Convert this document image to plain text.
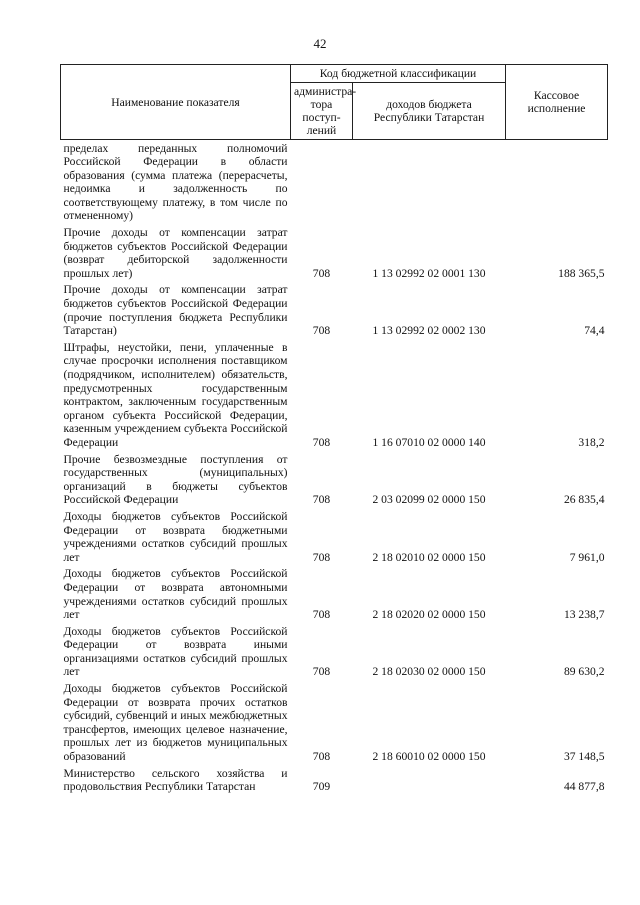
42
Наименование показателя	Код бюджетной классификации		Кассовое исполнение
	администра-тора поступ-лений	доходов бюджета Республики Татарстан	
пределах переданных полномочий Российской Федерации в области образования (сумма платежа (перерасчеты, недоимка и задолженность по соответствующему платежу, в том числе по отмененному)			
Прочие доходы от компенсации затрат бюджетов субъектов Российской Федерации (возврат дебиторской задолженности прошлых лет)	708	1 13 02992 02 0001 130	188 365,5
Прочие доходы от компенсации затрат бюджетов субъектов Российской Федерации (прочие поступления бюджета Республики Татарстан)	708	1 13 02992 02 0002 130	74,4
Штрафы, неустойки, пени, уплаченные в случае просрочки исполнения поставщиком (подрядчиком, исполнителем) обязательств, предусмотренных государственным контрактом, заключенным государственным органом субъекта Российской Федерации, казенным учреждением субъекта Российской Федерации	708	1 16 07010 02 0000 140	318,2
Прочие безвозмездные поступления от государственных (муниципальных) организаций в бюджеты субъектов Российской Федерации	708	2 03 02099 02 0000 150	26 835,4
Доходы бюджетов субъектов Российской Федерации от возврата бюджетными учреждениями остатков субсидий прошлых лет	708	2 18 02010 02 0000 150	7 961,0
Доходы бюджетов субъектов Российской Федерации от возврата автономными учреждениями остатков субсидий прошлых лет	708	2 18 02020 02 0000 150	13 238,7
Доходы бюджетов субъектов Российской Федерации от возврата иными организациями остатков субсидий прошлых лет	708	2 18 02030 02 0000 150	89 630,2
Доходы бюджетов субъектов Российской Федерации от возврата прочих остатков субсидий, субвенций и иных межбюджетных трансфертов, имеющих целевое назначение, прошлых лет из бюджетов муниципальных образований	708	2 18 60010 02 0000 150	37 148,5
Министерство сельского хозяйства и продовольствия Республики Татарстан	709		44 877,8
